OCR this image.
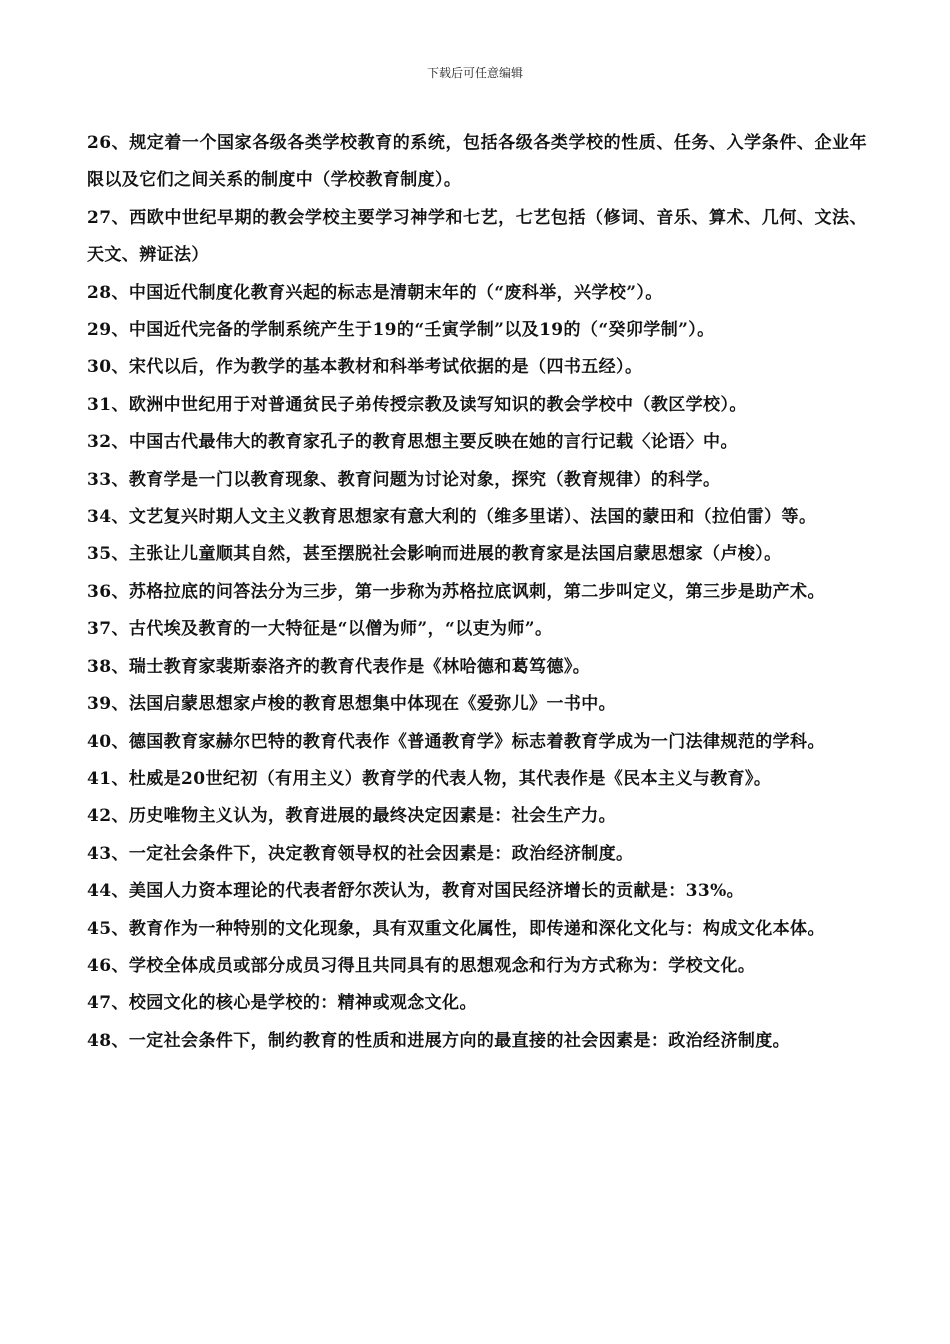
下载后可任意编辑

26、规定着一个国家各级各类学校教育的系统，包括各级各类学校的性质、任务、入学条件、企业年限以及它们之间关系的制度中（学校教育制度）。

27、西欧中世纪早期的教会学校主要学习神学和七艺，七艺包括（修词、音乐、算术、几何、文法、天文、辨证法）

28、中国近代制度化教育兴起的标志是清朝末年的（“废科举，兴学校”）。

29、中国近代完备的学制系统产生于19的“壬寅学制”以及19的（“癸卯学制”）。

30、宋代以后，作为教学的基本教材和科举考试依据的是（四书五经）。

31、欧洲中世纪用于对普通贫民子弟传授宗教及读写知识的教会学校中（教区学校）。

32、中国古代最伟大的教育家孔子的教育思想主要反映在她的言行记载〈论语〉中。

33、教育学是一门以教育现象、教育问题为讨论对象，探究（教育规律）的科学。

34、文艺复兴时期人文主义教育思想家有意大利的（维多里诺）、法国的蒙田和（拉伯雷）等。

35、主张让儿童顺其自然，甚至摆脱社会影响而进展的教育家是法国启蒙思想家（卢梭）。

36、苏格拉底的问答法分为三步，第一步称为苏格拉底讽刺，第二步叫定义，第三步是助产术。

37、古代埃及教育的一大特征是“以僧为师”，“以吏为师”。

38、瑞士教育家裴斯泰洛齐的教育代表作是《林哈德和葛笃德》。

39、法国启蒙思想家卢梭的教育思想集中体现在《爱弥儿》一书中。

40、德国教育家赫尔巴特的教育代表作《普通教育学》标志着教育学成为一门法律规范的学科。

41、杜威是20世纪初（有用主义）教育学的代表人物，其代表作是《民本主义与教育》。

42、历史唯物主义认为，教育进展的最终决定因素是：社会生产力。

43、一定社会条件下，决定教育领导权的社会因素是：政治经济制度。

44、美国人力资本理论的代表者舒尔茨认为，教育对国民经济增长的贡献是：33%。

45、教育作为一种特别的文化现象，具有双重文化属性，即传递和深化文化与：构成文化本体。

46、学校全体成员或部分成员习得且共同具有的思想观念和行为方式称为：学校文化。

47、校园文化的核心是学校的：精神或观念文化。

48、一定社会条件下，制约教育的性质和进展方向的最直接的社会因素是：政治经济制度。
